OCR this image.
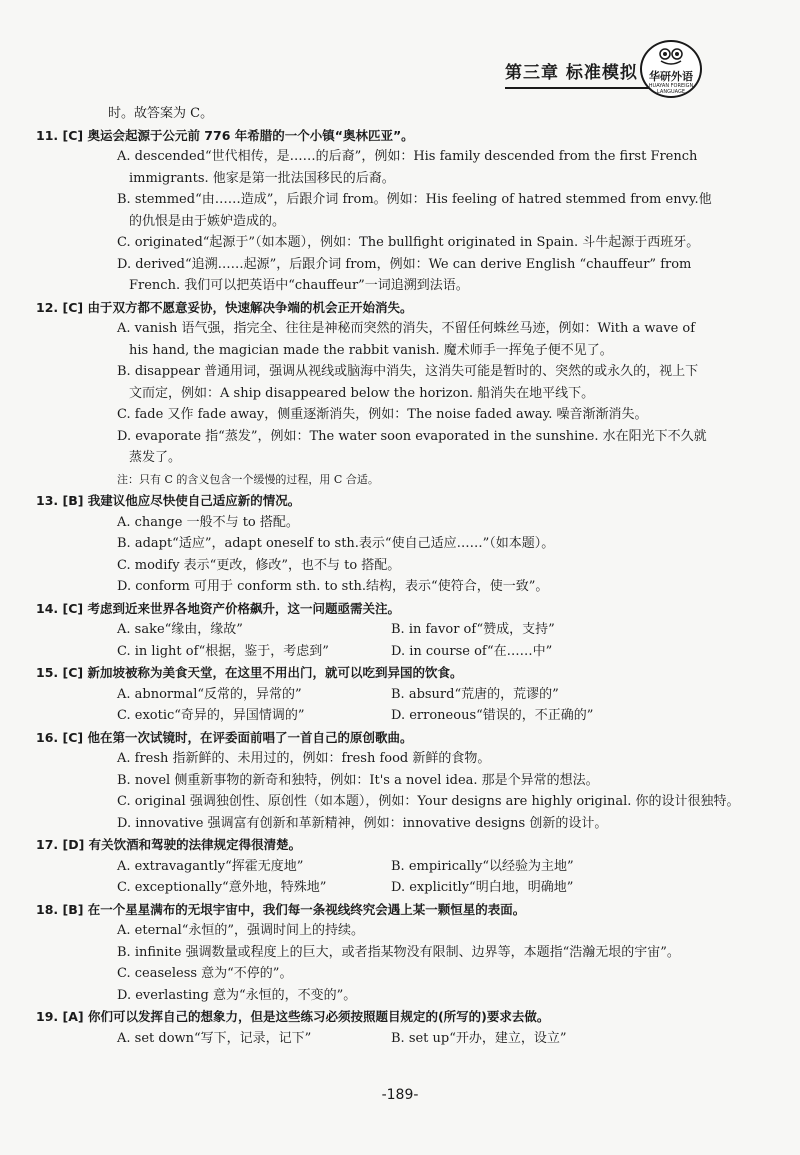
第三章 标准模拟	华研外语
HUAYAN FOREIGN LANGUAGE
时。故答案为 C。
11. [C] 奥运会起源于公元前 776 年希腊的一个小镇“奥林匹亚”。
A. descended“世代相传，是……的后裔”，例如：His family descended from the first French
immigrants. 他家是第一批法国移民的后裔。
B. stemmed“由……造成”，后跟介词 from。例如：His feeling of hatred stemmed from envy.他
的仇恨是由于嫉妒造成的。
C. originated“起源于”（如本题），例如：The bullfight originated in Spain. 斗牛起源于西班牙。
D. derived“追溯……起源”，后跟介词 from，例如：We can derive English “chauffeur” from
French. 我们可以把英语中“chauffeur”一词追溯到法语。
12. [C] 由于双方都不愿意妥协，快速解决争端的机会正开始消失。
A. vanish 语气强，指完全、往往是神秘而突然的消失，不留任何蛛丝马迹，例如：With a wave of
his hand, the magician made the rabbit vanish. 魔术师手一挥兔子便不见了。
B. disappear 普通用词，强调从视线或脑海中消失，这消失可能是暂时的、突然的或永久的，视上下
文而定，例如：A ship disappeared below the horizon. 船消失在地平线下。
C. fade 又作 fade away，侧重逐渐消失，例如：The noise faded away. 噪音渐渐消失。
D. evaporate 指“蒸发”，例如：The water soon evaporated in the sunshine. 水在阳光下不久就
蒸发了。
注：只有 C 的含义包含一个缓慢的过程，用 C 合适。
13. [B] 我建议他应尽快使自己适应新的情况。
A. change 一般不与 to 搭配。
B. adapt“适应”，adapt oneself to sth.表示“使自己适应……”（如本题）。
C. modify 表示“更改，修改”，也不与 to 搭配。
D. conform 可用于 conform sth. to sth.结构，表示“使符合，使一致”。
14. [C] 考虑到近来世界各地资产价格飙升，这一问题亟需关注。
A. sake“缘由，缘故”	B. in favor of“赞成，支持”
C. in light of“根据，鉴于，考虑到”	D. in course of“在……中”
15. [C] 新加坡被称为美食天堂，在这里不用出门，就可以吃到异国的饮食。
A. abnormal“反常的，异常的”	B. absurd“荒唐的，荒谬的”
C. exotic“奇异的，异国情调的”	D. erroneous“错误的，不正确的”
16. [C] 他在第一次试镜时，在评委面前唱了一首自己的原创歌曲。
A. fresh 指新鲜的、未用过的，例如：fresh food 新鲜的食物。
B. novel 侧重新事物的新奇和独特，例如：It's a novel idea. 那是个异常的想法。
C. original 强调独创性、原创性（如本题），例如：Your designs are highly original. 你的设计很独特。
D. innovative 强调富有创新和革新精神，例如：innovative designs 创新的设计。
17. [D] 有关饮酒和驾驶的法律规定得很清楚。
A. extravagantly“挥霍无度地”	B. empirically“以经验为主地”
C. exceptionally“意外地，特殊地”	D. explicitly“明白地，明确地”
18. [B] 在一个星星满布的无垠宇宙中，我们每一条视线终究会遇上某一颗恒星的表面。
A. eternal“永恒的”，强调时间上的持续。
B. infinite 强调数量或程度上的巨大，或者指某物没有限制、边界等，本题指“浩瀚无垠的宇宙”。
C. ceaseless 意为“不停的”。
D. everlasting 意为“永恒的，不变的”。
19. [A] 你们可以发挥自己的想象力，但是这些练习必须按照题目规定的(所写的)要求去做。
A. set down“写下，记录，记下”	B. set up“开办，建立，设立”
-189-
